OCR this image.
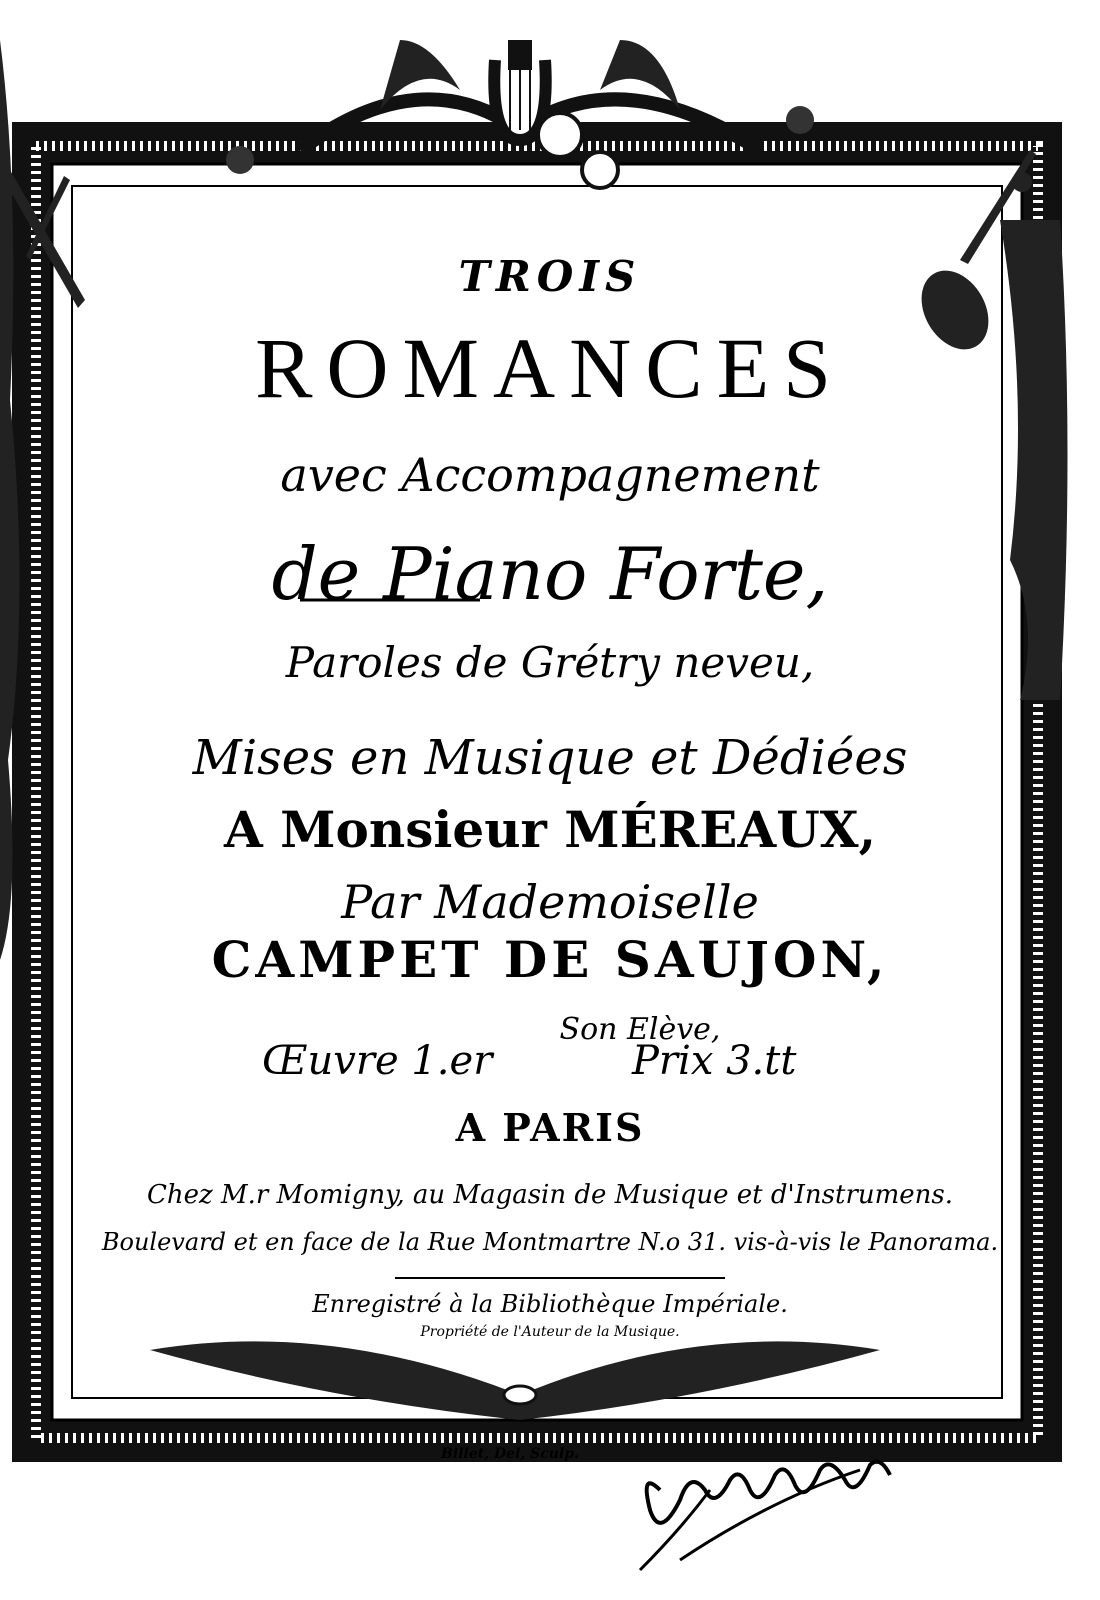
TROIS
ROMANCES
avec Accompagnement
de Piano Forte,
Paroles de Grétry neveu,
Mises en Musique et Dédiées
A Monsieur MÉREAUX,
Par Mademoiselle
CAMPET DE SAUJON,
Son Elève,
Œuvre 1.er	Prix 3.tt
A PARIS
Chez M.r Momigny, au Magasin de Musique et d'Instrumens.
Boulevard et en face de la Rue Montmartre N.o 31. vis-à-vis le Panorama.
Enregistré à la Bibliothèque Impériale.
Propriété de l'Auteur de la Musique.
Billet, Del, Sculp.
